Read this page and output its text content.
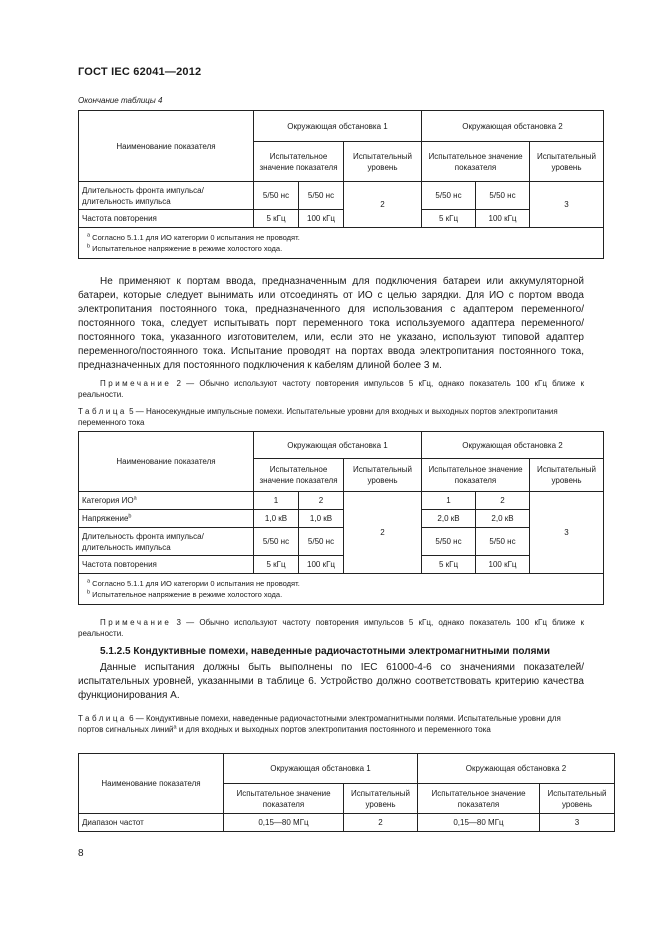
ГОСТ IEC 62041—2012
Окончание таблицы 4
Наименование показателя	Окружающая обстановка 1			Окружающая обстановка 2		
	Испытательное значение показателя		Испытательный уровень	Испытательное значение показателя		Испытательный уровень
Длительность фронта импульса/ длительность импульса	5/50 нс	5/50 нс	2	5/50 нс	5/50 нс	3
Частота повторения	5 кГц	100 кГц		5 кГц	100 кГц	

$^a$ Согласно 5.1.1 для ИО категории 0 испытания не проводят.
$^b$ Испытательное напряжение в режиме холостого хода.						
Не применяют к портам ввода, предназначенным для подключения батареи или аккумуляторной батареи, которые следует вынимать или отсоединять от ИО с целью зарядки. Для ИО с портом ввода электропитания постоянного тока, предназначенного для использования с адаптером переменного/постоянного тока, следует испытывать порт переменного тока используемого адаптера переменного/постоянного тока, указанного изготовителем, или, если это не указано, используют типовой адаптер переменного/постоянного тока. Испытание проводят на портах ввода электропитания постоянного тока, предназначенных для постоянного подключения к кабелям длиной более 3 м.
Примечание 2 — Обычно используют частоту повторения импульсов 5 кГц, однако показатель 100 кГц ближе к реальности.
Таблица 5 — Наносекундные импульсные помехи. Испытательные уровни для входных и выходных портов электропитания переменного тока
Наименование показателя	Окружающая обстановка 1			Окружающая обстановка 2		
	Испытательное значение показателя		Испытательный уровень	Испытательное значение показателя		Испытательный уровень
Категория $ИО^a$	1	2	2	1	2	3
Напряжение$^b$	1,0 кВ	1,0 кВ		2,0 кВ	2,0 кВ	
Длительность фронта импульса/ длительность импульса	5/50 нс	5/50 нс		5/50 нс	5/50 нс	
Частота повторения	5 кГц	100 кГц		5 кГц	100 кГц	

$^a$ Согласно 5.1.1 для ИО категории 0 испытания не проводят.
$^b$ Испытательное напряжение в режиме холостого хода.						
Примечание 3 — Обычно используют частоту повторения импульсов 5 кГц, однако показатель 100 кГц ближе к реальности.
5.1.2.5 Кондуктивные помехи, наведенные радиочастотными электромагнитными полями
Данные испытания должны быть выполнены по IEC 61000-4-6 со значениями показателей/испытательных уровней, указанными в таблице 6. Устройство должно соответствовать критерию качества функционирования А.
Таблица 6 — Кондуктивные помехи, наведенные радиочастотными электромагнитными полями. Испытательные уровни для портов сигнальных линий$^a$ и для входных и выходных портов электропитания постоянного и переменного тока
Наименование показателя	Окружающая обстановка 1		Окружающая обстановка 2	
	Испытательное значение показателя	Испытательный уровень	Испытательное значение показателя	Испытательный уровень
Диапазон частот	0,15—80 МГц	2	0,15—80 МГц	3
8
